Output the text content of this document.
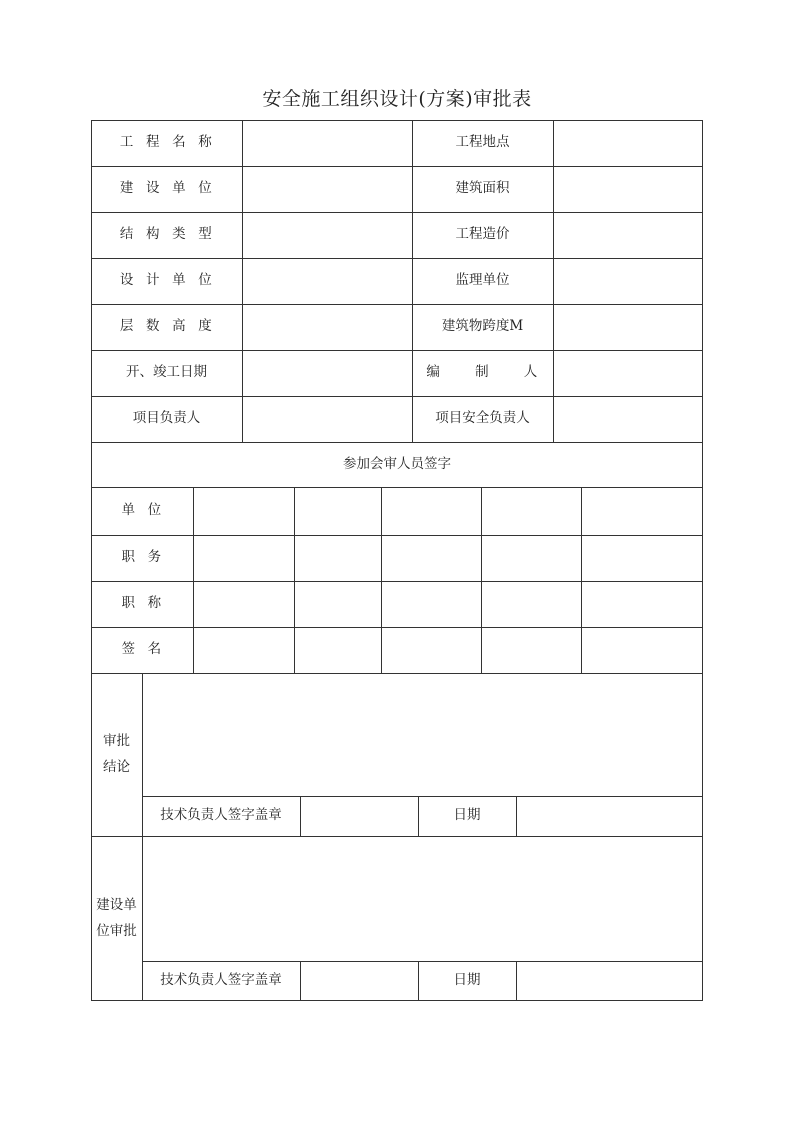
安全施工组织设计(方案)审批表
工  程  名  称	工程地点
建  设  单  位	建筑面积
结  构  类  型	工程造价
设  计  单  位	监理单位
层  数  高  度	建筑物跨度M
开、竣工日期	编      制      人
项目负责人	项目安全负责人
参加会审人员签字
单  位
职  务
职  称
签  名
审批
结论
技术负责人签字盖章	日期
建设单
位审批
技术负责人签字盖章	日期
